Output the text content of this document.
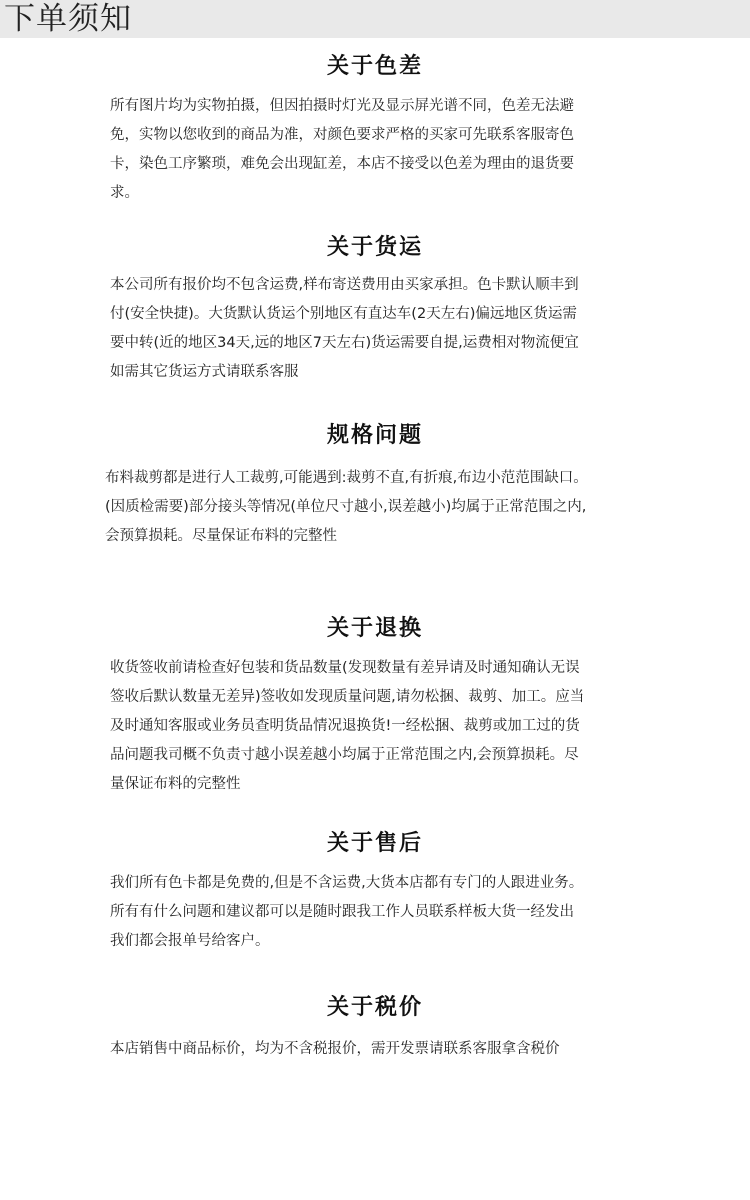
下单须知
关于色差
所有图片均为实物拍摄，但因拍摄时灯光及显示屏光谱不同，色差无法避
免，实物以您收到的商品为准，对颜色要求严格的买家可先联系客服寄色
卡，染色工序繁琐，难免会出现缸差，本店不接受以色差为理由的退货要
求。
关于货运
本公司所有报价均不包含运费,样布寄送费用由买家承担。色卡默认顺丰到
付(安全快捷)。大货默认货运个别地区有直达车(2天左右)偏远地区货运需
要中转(近的地区34天,远的地区7天左右)货运需要自提,运费相对物流便宜
如需其它货运方式请联系客服
规格问题
布料裁剪都是进行人工裁剪,可能遇到:裁剪不直,有折痕,布边小范范围缺口。
(因质检需要)部分接头等情况(单位尺寸越小,误差越小)均属于正常范围之内,
会预算损耗。尽量保证布料的完整性
关于退换
收货签收前请检查好包装和货品数量(发现数量有差异请及时通知确认无误
签收后默认数量无差异)签收如发现质量问题,请勿松捆、裁剪、加工。应当
及时通知客服或业务员查明货品情况退换货!一经松捆、裁剪或加工过的货
品问题我司概不负责寸越小误差越小均属于正常范围之内,会预算损耗。尽
量保证布料的完整性
关于售后
我们所有色卡都是免费的,但是不含运费,大货本店都有专门的人跟进业务。
所有有什么问题和建议都可以是随时跟我工作人员联系样板大货一经发出
我们都会报单号给客户。
关于税价
本店销售中商品标价，均为不含税报价，需开发票请联系客服拿含税价
